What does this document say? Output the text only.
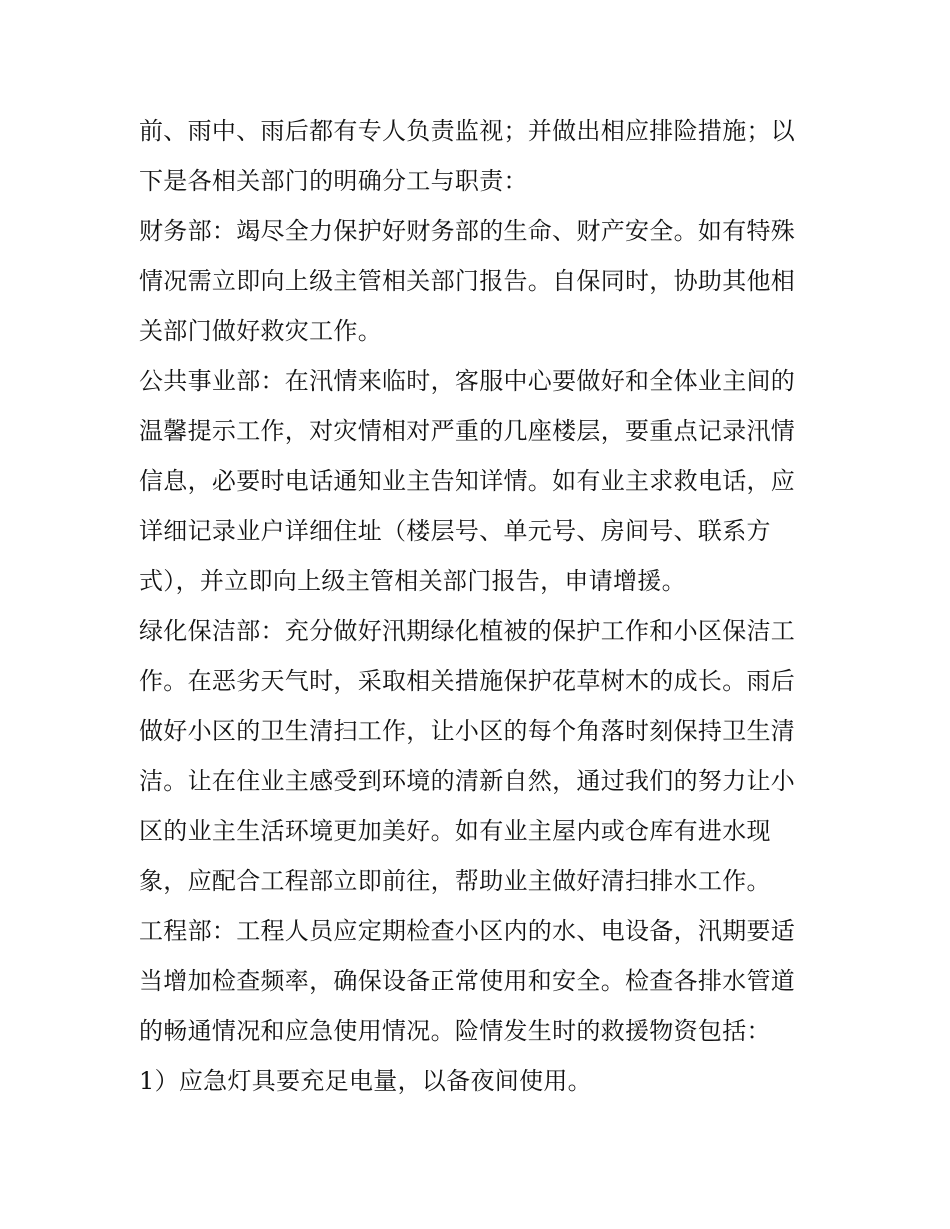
前、雨中、雨后都有专人负责监视；并做出相应排险措施；以
下是各相关部门的明确分工与职责：
财务部：竭尽全力保护好财务部的生命、财产安全。如有特殊
情况需立即向上级主管相关部门报告。自保同时，协助其他相
关部门做好救灾工作。
公共事业部：在汛情来临时，客服中心要做好和全体业主间的
温馨提示工作，对灾情相对严重的几座楼层，要重点记录汛情
信息，必要时电话通知业主告知详情。如有业主求救电话，应
详细记录业户详细住址（楼层号、单元号、房间号、联系方
式），并立即向上级主管相关部门报告，申请增援。
绿化保洁部：充分做好汛期绿化植被的保护工作和小区保洁工
作。在恶劣天气时，采取相关措施保护花草树木的成长。雨后
做好小区的卫生清扫工作，让小区的每个角落时刻保持卫生清
洁。让在住业主感受到环境的清新自然，通过我们的努力让小
区的业主生活环境更加美好。如有业主屋内或仓库有进水现
象，应配合工程部立即前往，帮助业主做好清扫排水工作。
工程部：工程人员应定期检查小区内的水、电设备，汛期要适
当增加检查频率，确保设备正常使用和安全。检查各排水管道
的畅通情况和应急使用情况。险情发生时的救援物资包括：
1）应急灯具要充足电量，以备夜间使用。
